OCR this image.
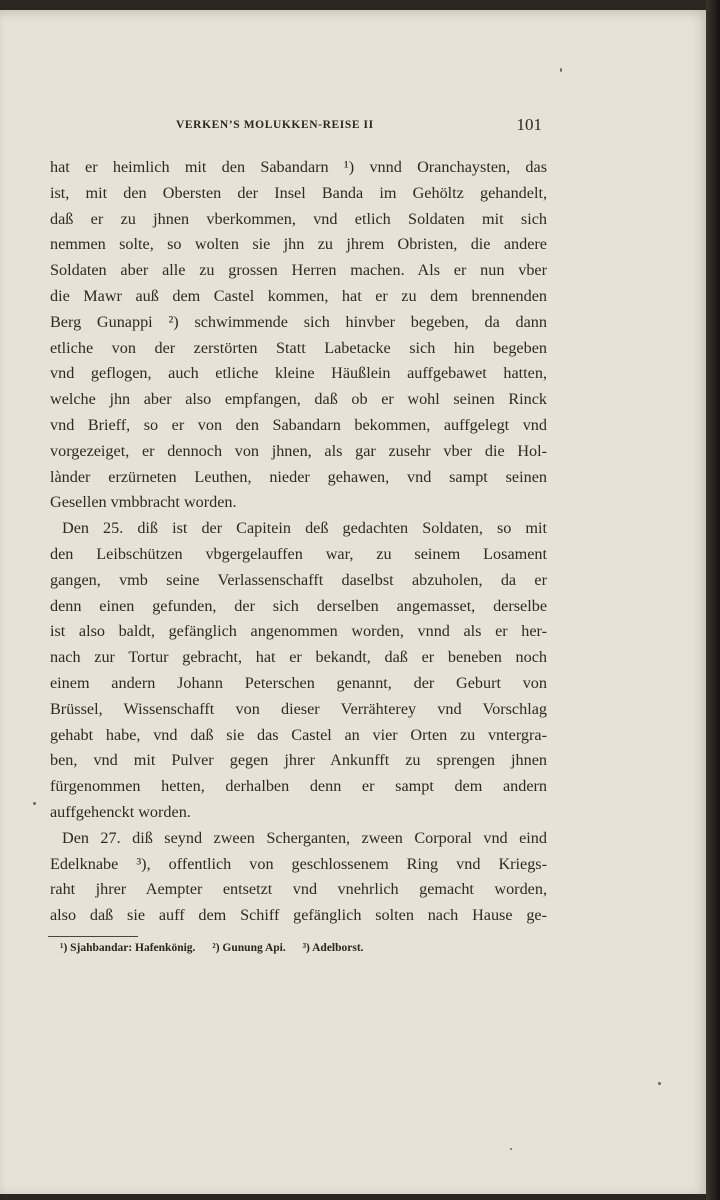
VERKEN’S MOLUKKEN-REISE II	101
hat er heimlich mit den Sabandarn ¹) vnnd Oranchaysten, das
ist, mit den Obersten der Insel Banda im Gehöltz gehandelt,
daß er zu jhnen vberkommen, vnd etlich Soldaten mit sich
nemmen solte, so wolten sie jhn zu jhrem Obristen, die andere
Soldaten aber alle zu grossen Herren machen. Als er nun vber
die Mawr auß dem Castel kommen, hat er zu dem brennenden
Berg Gunappi ²) schwimmende sich hinvber begeben, da dann
etliche von der zerstörten Statt Labetacke sich hin begeben
vnd geflogen, auch etliche kleine Häußlein auffgebawet hatten,
welche jhn aber also empfangen, daß ob er wohl seinen Rinck
vnd Brieff, so er von den Sabandarn bekommen, auffgelegt vnd
vorgezeiget, er dennoch von jhnen, als gar zusehr vber die Hol-
lànder erzürneten Leuthen, nieder gehawen, vnd sampt seinen
Gesellen vmbbracht worden.
Den 25. diß ist der Capitein deß gedachten Soldaten, so mit
den Leibschützen vbgergelauffen war, zu seinem Losament
gangen, vmb seine Verlassenschafft daselbst abzuholen, da er
denn einen gefunden, der sich derselben angemasset, derselbe
ist also baldt, gefänglich angenommen worden, vnnd als er her-
nach zur Tortur gebracht, hat er bekandt, daß er beneben noch
einem andern Johann Peterschen genannt, der Geburt von
Brüssel, Wissenschafft von dieser Verrähterey vnd Vorschlag
gehabt habe, vnd daß sie das Castel an vier Orten zu vntergra-
ben, vnd mit Pulver gegen jhrer Ankunfft zu sprengen jhnen
fürgenommen hetten, derhalben denn er sampt dem andern
auffgehenckt worden.
Den 27. diß seynd zween Scherganten, zween Corporal vnd eind
Edelknabe ³), offentlich von geschlossenem Ring vnd Kriegs-
raht jhrer Aempter entsetzt vnd vnehrlich gemacht worden,
also daß sie auff dem Schiff gefänglich solten nach Hause ge-
¹) Sjahbandar: Hafenkönig. ²) Gunung Api. ³) Adelborst.
